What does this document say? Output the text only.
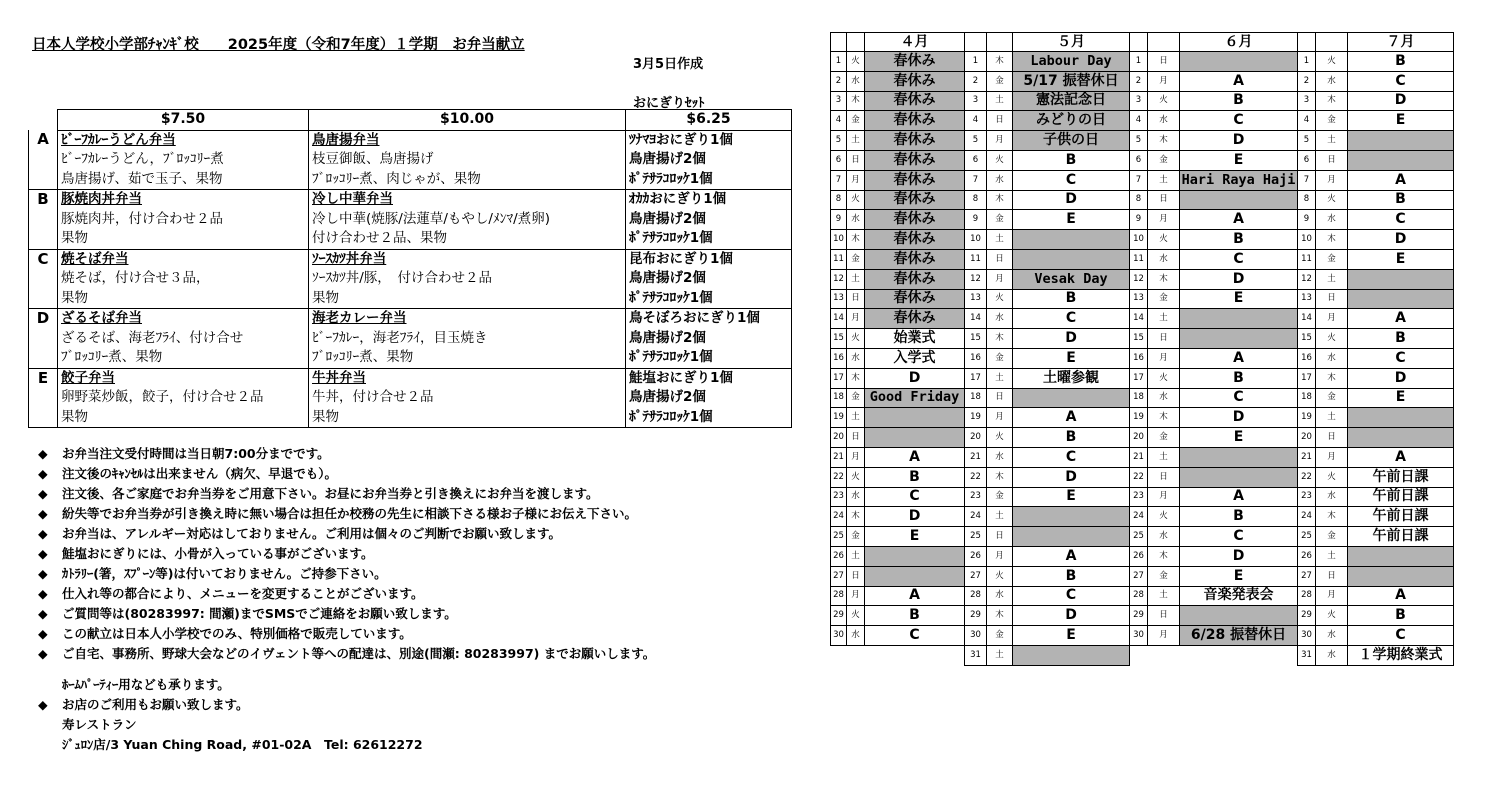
日本人学校小学部ﾁｬﾝｷﾞ校　　2025年度（令和7年度）１学期　お弁当献立
3月5日作成
おにぎりｾｯﾄ
	$7.50	$10.00	$6.25
A	ﾋﾞｰﾌｶﾚｰうどん弁当	鳥唐揚弁当	ﾂﾅﾏﾖおにぎり1個
	ﾋﾞｰﾌｶﾚｰうどん，ﾌﾞﾛｯｺﾘｰ煮	枝豆御飯、鳥唐揚げ	鳥唐揚げ2個
	鳥唐揚げ、茹で玉子、果物	ﾌﾞﾛｯｺﾘｰ煮、肉じゃが、果物	ﾎﾟﾃｻﾗｺﾛｯｹ1個
B	豚焼肉丼弁当	冷し中華弁当	ｵｶｶおにぎり1個
	豚焼肉丼，付け合わせ２品	冷し中華(焼豚/法蓮草/もやし/ﾒﾝﾏ/煮卵)	鳥唐揚げ2個
	果物	付け合わせ２品、果物	ﾎﾟﾃｻﾗｺﾛｯｹ1個
C	焼そば弁当	ｿｰｽｶﾂ丼弁当	昆布おにぎり1個
	焼そば，付け合せ３品，	ｿｰｽｶﾂ丼/豚，　付け合わせ２品	鳥唐揚げ2個
	果物	果物	ﾎﾟﾃｻﾗｺﾛｯｹ1個
D	ざるそば弁当	海老カレー弁当	鳥そぼろおにぎり1個
	ざるそば、海老ﾌﾗｲ、付け合せ	ﾋﾞｰﾌｶﾚｰ，海老ﾌﾗｲ，目玉焼き	鳥唐揚げ2個
	ﾌﾞﾛｯｺﾘｰ煮、果物	ﾌﾞﾛｯｺﾘｰ煮、果物	ﾎﾟﾃｻﾗｺﾛｯｹ1個
E	餃子弁当	牛丼弁当	鮭塩おにぎり1個
	卵野菜炒飯，餃子，付け合せ２品	牛丼，付け合せ２品	鳥唐揚げ2個
	果物	果物	ﾎﾟﾃｻﾗｺﾛｯｹ1個
◆ お弁当注文受付時間は当日朝7:00分までです。
◆ 注文後のｷｬﾝｾﾙは出来ません（病欠、早退でも）。
◆ 注文後、各ご家庭でお弁当券をご用意下さい。お昼にお弁当券と引き換えにお弁当を渡します。
◆ 紛失等でお弁当券が引き換え時に無い場合は担任か校務の先生に相談下さる様お子様にお伝え下さい。
◆ お弁当は、アレルギー対応はしておりません。ご利用は個々のご判断でお願い致します。
◆ 鮭塩おにぎりには、小骨が入っている事がございます。
◆ ｶﾄﾗﾘｰ(箸，ｽﾌﾟｰﾝ等)は付いておりません。ご持参下さい。
◆ 仕入れ等の都合により、メニューを変更することがございます。
◆ ご質問等は(80283997: 間瀬)までSMSでご連絡をお願い致します。
◆ この献立は日本人小学校でのみ、特別価格で販売しています。
◆ ご自宅、事務所、野球大会などのイヴェント等への配達は、別途(間瀬: 80283997) までお願いします。
ﾎｰﾑﾊﾟｰﾃｨｰ用なども承ります。
◆ お店のご利用もお願い致します。
寿レストラン
ｼﾞｭﾛﾝ店/3 Yuan Ching Road, #01-02A　Tel: 62612272
		４月			５月			６月			７月
1	火	春休み	1	木	Labour Day	1	日		1	火	B
2	水	春休み	2	金	5/17 振替休日	2	月	A	2	水	C
3	木	春休み	3	土	憲法記念日	3	火	B	3	木	D
4	金	春休み	4	日	みどりの日	4	水	C	4	金	E
5	土	春休み	5	月	子供の日	5	木	D	5	土	
6	日	春休み	6	火	B	6	金	E	6	日	
7	月	春休み	7	水	C	7	土	Hari Raya Haji	7	月	A
8	火	春休み	8	木	D	8	日		8	火	B
9	水	春休み	9	金	E	9	月	A	9	水	C
10	木	春休み	10	土		10	火	B	10	木	D
11	金	春休み	11	日		11	水	C	11	金	E
12	土	春休み	12	月	Vesak Day	12	木	D	12	土	
13	日	春休み	13	火	B	13	金	E	13	日	
14	月	春休み	14	水	C	14	土		14	月	A
15	火	始業式	15	木	D	15	日		15	火	B
16	水	入学式	16	金	E	16	月	A	16	水	C
17	木	D	17	土	土曜参観	17	火	B	17	木	D
18	金	Good Friday	18	日		18	水	C	18	金	E
19	土		19	月	A	19	木	D	19	土	
20	日		20	火	B	20	金	E	20	日	
21	月	A	21	水	C	21	土		21	月	A
22	火	B	22	木	D	22	日		22	火	午前日課
23	水	C	23	金	E	23	月	A	23	水	午前日課
24	木	D	24	土		24	火	B	24	木	午前日課
25	金	E	25	日		25	水	C	25	金	午前日課
26	土		26	月	A	26	木	D	26	土	
27	日		27	火	B	27	金	E	27	日	
28	月	A	28	水	C	28	土	音楽発表会	28	月	A
29	火	B	29	木	D	29	日		29	火	B
30	水	C	30	金	E	30	月	6/28 振替休日	30	水	C
			31	土					31	水	１学期終業式
